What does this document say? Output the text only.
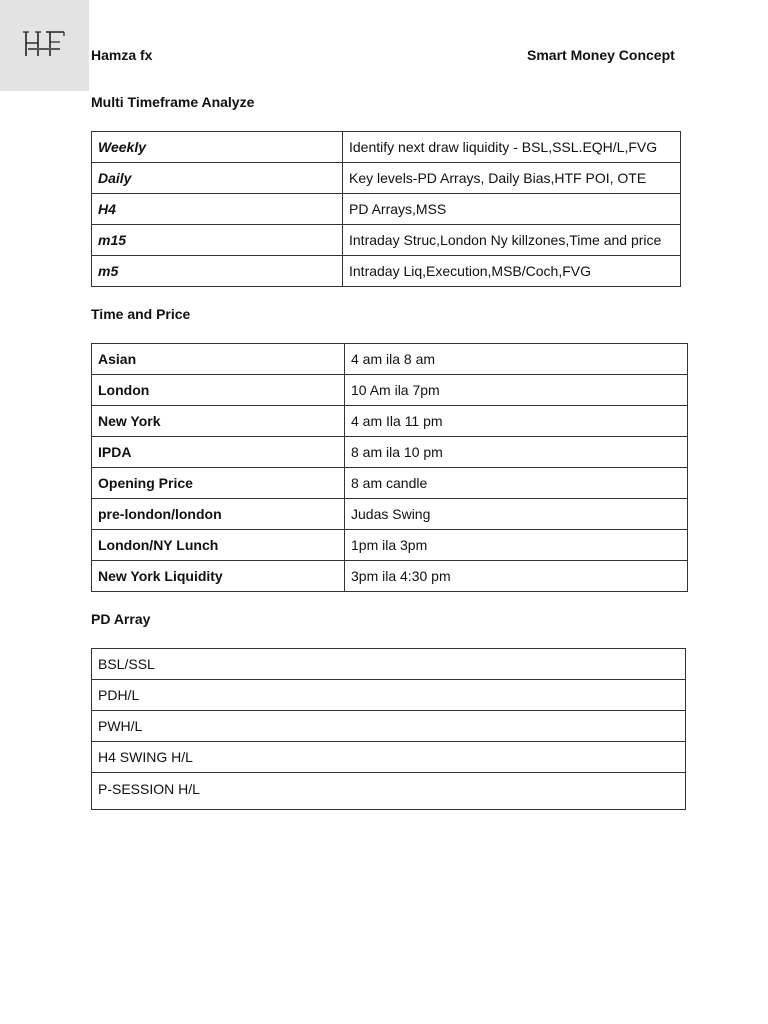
Hamza fx	Smart Money Concept
Multi Timeframe Analyze
Weekly	Identify next draw liquidity - BSL,SSL.EQH/L,FVG
Daily	Key levels-PD Arrays, Daily Bias,HTF POI, OTE
H4	PD Arrays,MSS
m15	Intraday Struc,London Ny killzones,Time and price
m5	Intraday Liq,Execution,MSB/Coch,FVG
Time and Price
Asian	4 am ila 8 am
London	10 Am ila 7pm
New York	4 am Ila 11 pm
IPDA	8 am ila 10 pm
Opening Price	8 am candle
pre-london/london	Judas Swing
London/NY Lunch	1pm ila 3pm
New York Liquidity	3pm ila 4:30 pm
PD Array
BSL/SSL
PDH/L
PWH/L
H4 SWING H/L
P-SESSION H/L
